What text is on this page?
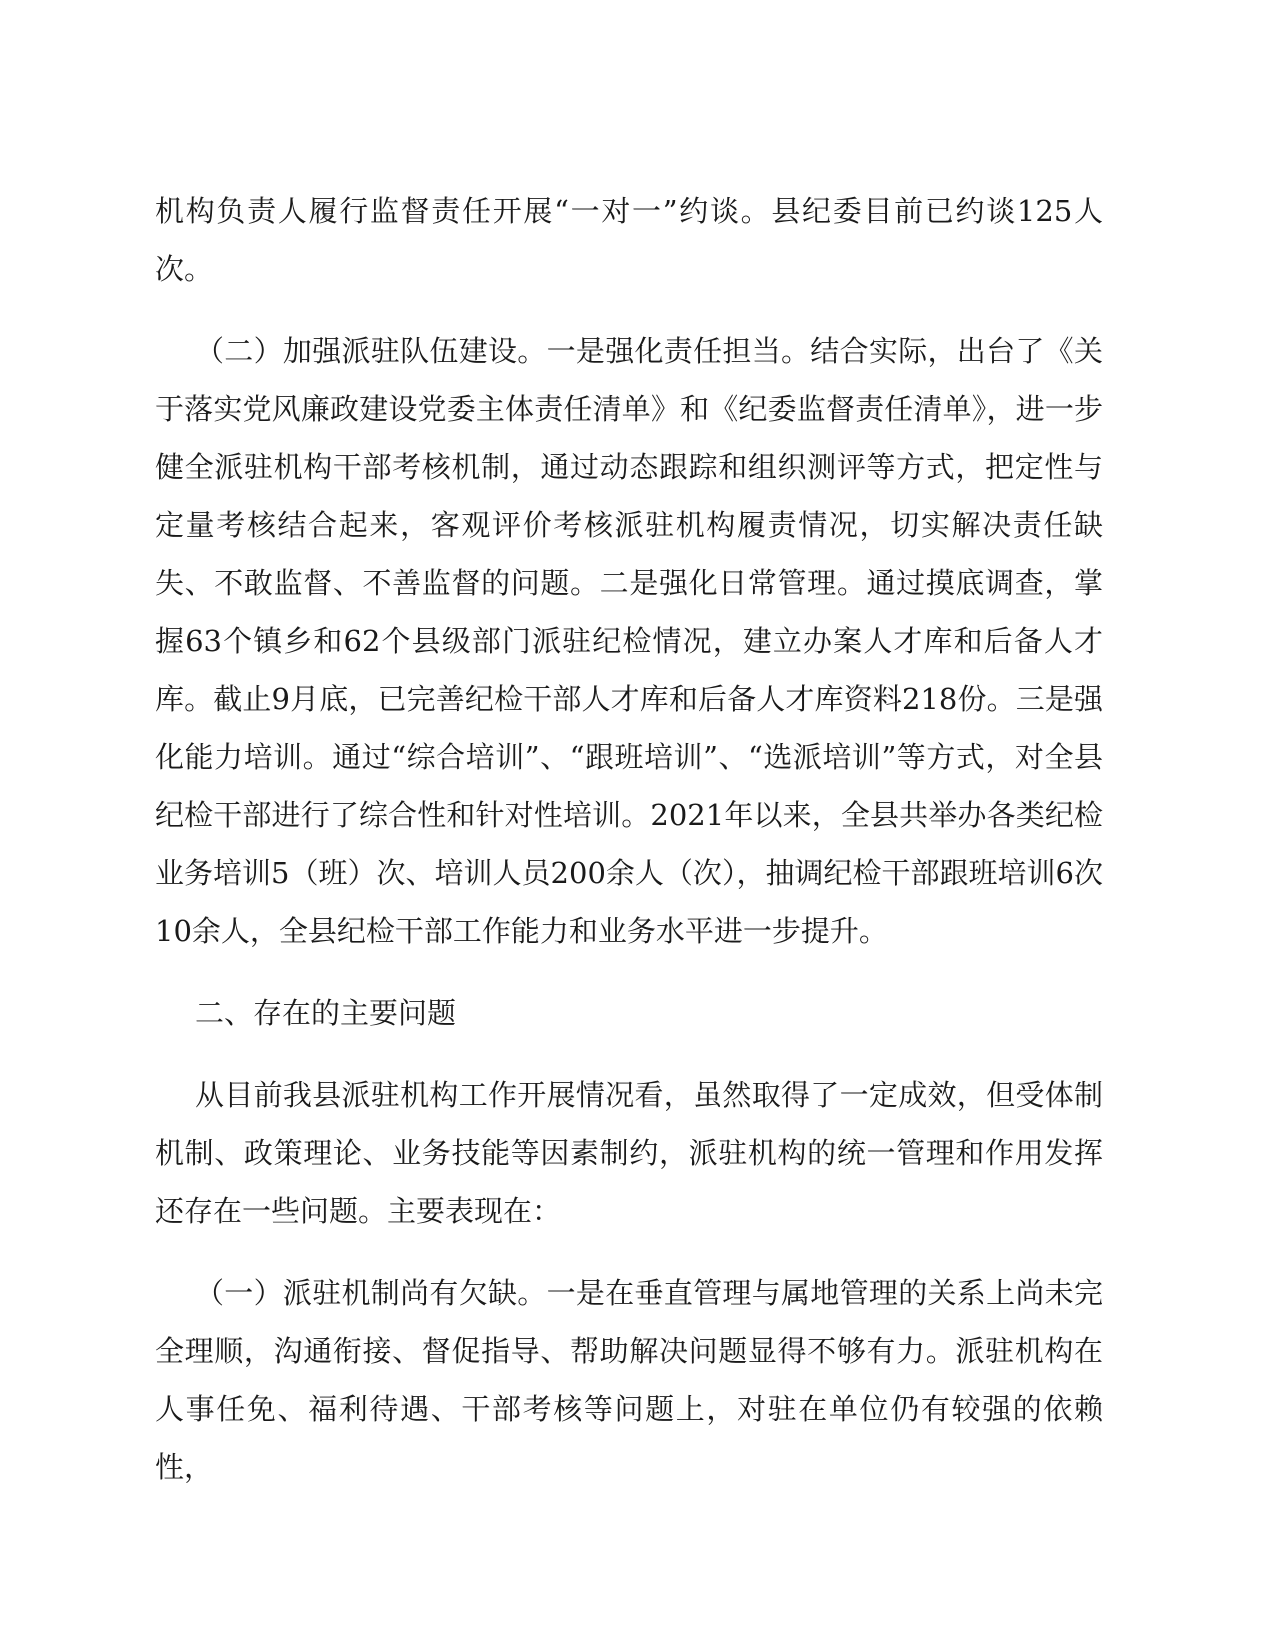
机构负责人履行监督责任开展“一对一”约谈。县纪委目前已约谈125人次。

（二）加强派驻队伍建设。一是强化责任担当。结合实际，出台了《关于落实党风廉政建设党委主体责任清单》和《纪委监督责任清单》，进一步健全派驻机构干部考核机制，通过动态跟踪和组织测评等方式，把定性与定量考核结合起来，客观评价考核派驻机构履责情况，切实解决责任缺失、不敢监督、不善监督的问题。二是强化日常管理。通过摸底调查，掌握63个镇乡和62个县级部门派驻纪检情况，建立办案人才库和后备人才库。截止9月底，已完善纪检干部人才库和后备人才库资料218份。三是强化能力培训。通过“综合培训”、“跟班培训”、“选派培训”等方式，对全县纪检干部进行了综合性和针对性培训。2021年以来，全县共举办各类纪检业务培训5（班）次、培训人员200余人（次），抽调纪检干部跟班培训6次10余人，全县纪检干部工作能力和业务水平进一步提升。

二、存在的主要问题

从目前我县派驻机构工作开展情况看，虽然取得了一定成效，但受体制机制、政策理论、业务技能等因素制约，派驻机构的统一管理和作用发挥还存在一些问题。主要表现在：

（一）派驻机制尚有欠缺。一是在垂直管理与属地管理的关系上尚未完全理顺，沟通衔接、督促指导、帮助解决问题显得不够有力。派驻机构在人事任免、福利待遇、干部考核等问题上，对驻在单位仍有较强的依赖性，
